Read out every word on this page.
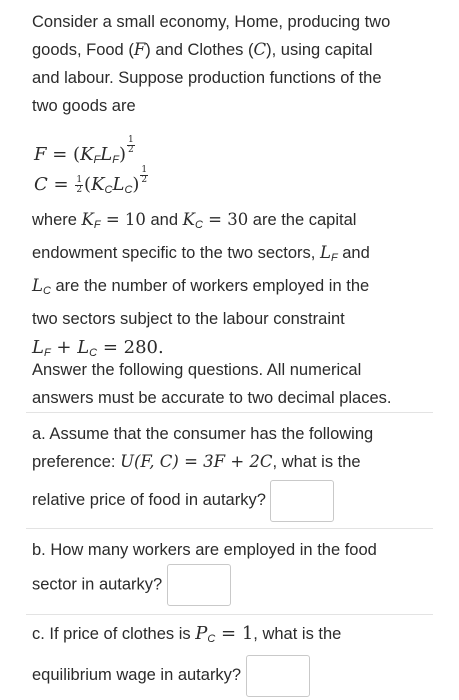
Consider a small economy, Home, producing two
goods, Food (F) and Clothes (C), using capital
and labour. Suppose production functions of the
two goods are
$F = (K_FL_F) \frac{1}{2}$
$C = \frac{1}{2} (K_CL_C) \frac{1}{2}$
where $K_F = 10$ and $K_C = 30$ are the capital
endowment specific to the two sectors, $L_F$ and
$L_C$ are the number of workers employed in the
two sectors subject to the labour constraint
$L_F + L_C = 280$.
Answer the following questions. All numerical
answers must be accurate to two decimal places.
a. Assume that the consumer has the following
preference: U(F, C) = 3F + 2C, what is the
relative price of food in autarky?
b. How many workers are employed in the food
sector in autarky?
c. If price of clothes is $P_C = 1$, what is the
equilibrium wage in autarky?
